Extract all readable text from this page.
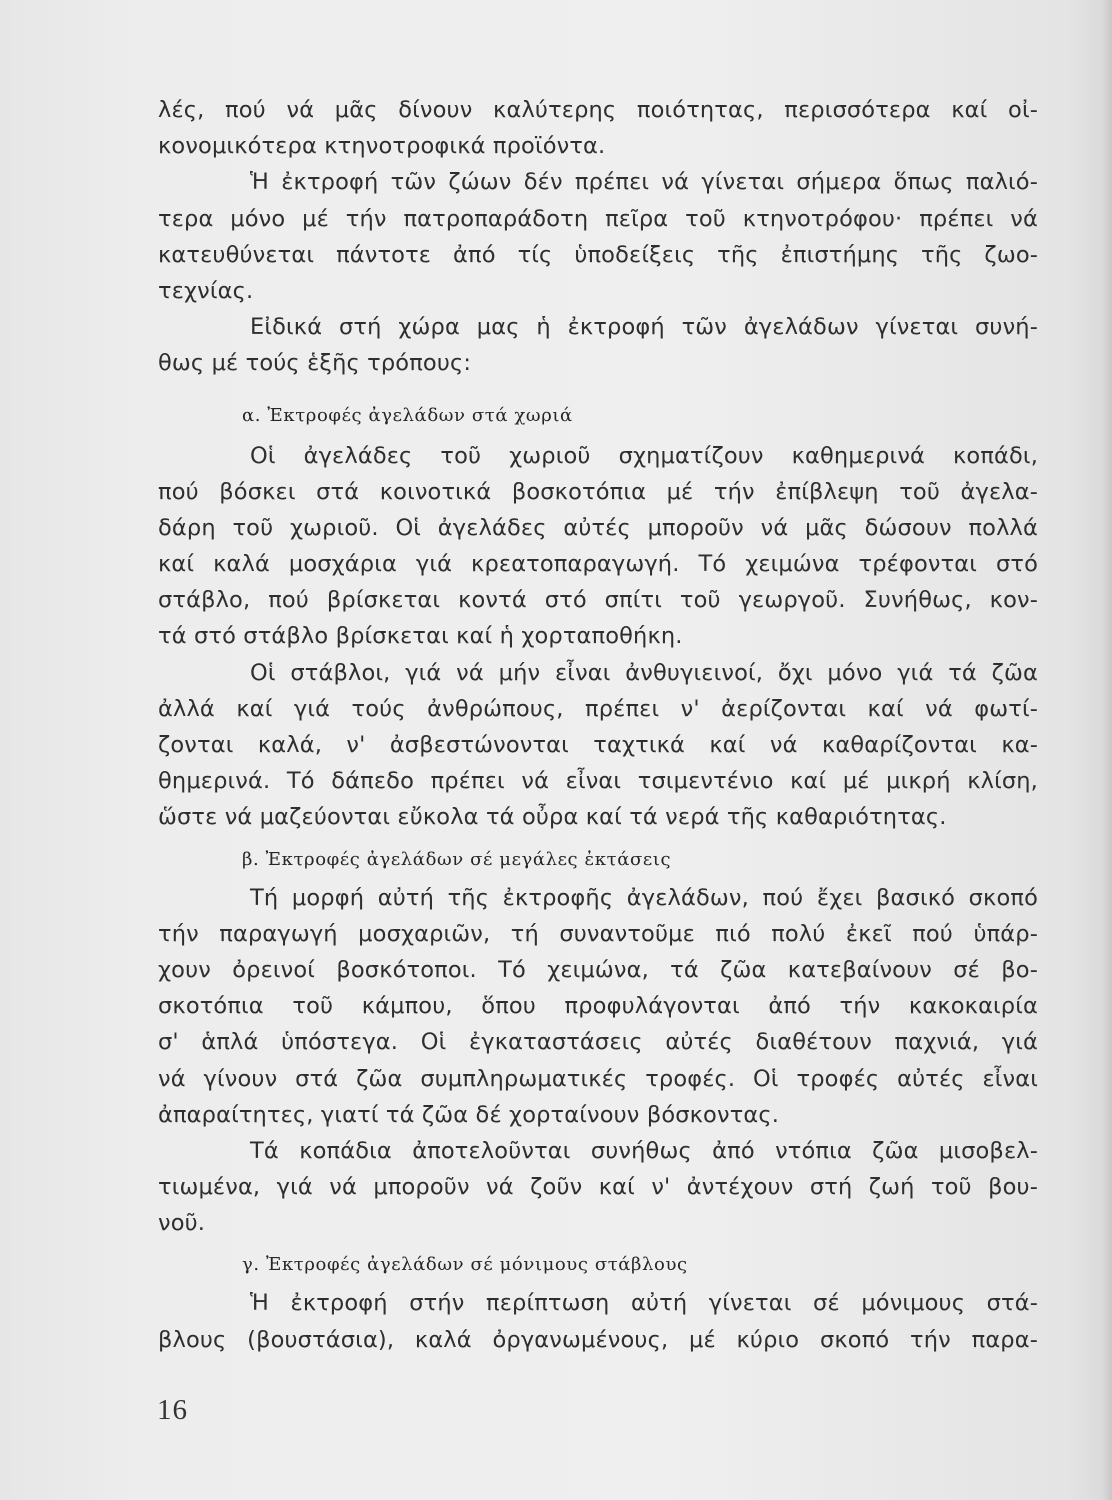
λές, πού νά μᾶς δίνουν καλύτερης ποιότητας, περισσότερα καί οἰ-
κονομικότερα κτηνοτροφικά προϊόντα.
Ἡ ἐκτροφή τῶν ζώων δέν πρέπει νά γίνεται σήμερα ὅπως παλιό-
τερα μόνο μέ τήν πατροπαράδοτη πεῖρα τοῦ κτηνοτρόφου· πρέπει νά
κατευθύνεται πάντοτε ἀπό τίς ὑποδείξεις τῆς ἐπιστήμης τῆς ζωο-
τεχνίας.
Εἰδικά στή χώρα μας ἡ ἐκτροφή τῶν ἀγελάδων γίνεται συνή-
θως μέ τούς ἑξῆς τρόπους:
α. Ἐκτροφές ἀγελάδων στά χωριά
Οἱ ἀγελάδες τοῦ χωριοῦ σχηματίζουν καθημερινά κοπάδι,
πού βόσκει στά κοινοτικά βοσκοτόπια μέ τήν ἐπίβλεψη τοῦ ἀγελα-
δάρη τοῦ χωριοῦ. Οἱ ἀγελάδες αὐτές μποροῦν νά μᾶς δώσουν πολλά
καί καλά μοσχάρια γιά κρεατοπαραγωγή. Τό χειμώνα τρέφονται στό
στάβλο, πού βρίσκεται κοντά στό σπίτι τοῦ γεωργοῦ. Συνήθως, κον-
τά στό στάβλο βρίσκεται καί ἡ χορταποθήκη.
Οἱ στάβλοι, γιά νά μήν εἶναι ἀνθυγιεινοί, ὄχι μόνο γιά τά ζῶα
ἀλλά καί γιά τούς ἀνθρώπους, πρέπει ν' ἀερίζονται καί νά φωτί-
ζονται καλά, ν' ἀσβεστώνονται ταχτικά καί νά καθαρίζονται κα-
θημερινά. Τό δάπεδο πρέπει νά εἶναι τσιμεντένιο καί μέ μικρή κλίση,
ὥστε νά μαζεύονται εὔκολα τά οὖρα καί τά νερά τῆς καθαριότητας.
β. Ἐκτροφές ἀγελάδων σέ μεγάλες ἐκτάσεις
Τή μορφή αὐτή τῆς ἐκτροφῆς ἀγελάδων, πού ἔχει βασικό σκοπό
τήν παραγωγή μοσχαριῶν, τή συναντοῦμε πιό πολύ ἐκεῖ πού ὑπάρ-
χουν ὀρεινοί βοσκότοποι. Τό χειμώνα, τά ζῶα κατεβαίνουν σέ βο-
σκοτόπια τοῦ κάμπου, ὅπου προφυλάγονται ἀπό τήν κακοκαιρία
σ' ἁπλά ὑπόστεγα. Οἱ ἐγκαταστάσεις αὐτές διαθέτουν παχνιά, γιά
νά γίνουν στά ζῶα συμπληρωματικές τροφές. Οἱ τροφές αὐτές εἶναι
ἀπαραίτητες, γιατί τά ζῶα δέ χορταίνουν βόσκοντας.
Τά κοπάδια ἀποτελοῦνται συνήθως ἀπό ντόπια ζῶα μισοβελ-
τιωμένα, γιά νά μποροῦν νά ζοῦν καί ν' ἀντέχουν στή ζωή τοῦ βου-
νοῦ.
γ. Ἐκτροφές ἀγελάδων σέ μόνιμους στάβλους
Ἡ ἐκτροφή στήν περίπτωση αὐτή γίνεται σέ μόνιμους στά-
βλους (βουστάσια), καλά ὀργανωμένους, μέ κύριο σκοπό τήν παρα-
16
